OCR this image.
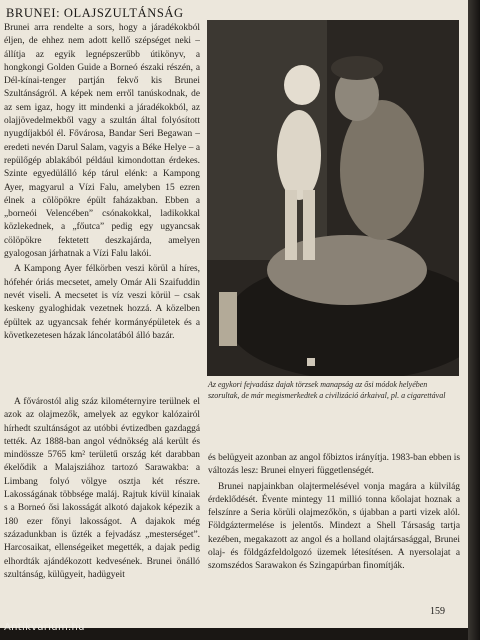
BRUNEI: OLAJSZULTÁNSÁG

Brunei arra rendelte a sors, hogy a járadékokból éljen, de ehhez nem adott kellő szépséget neki – állítja az egyik legnépszerűbb útikönyv, a hongkongi Golden Guide a Borneó északi részén, a Dél-kínai-tenger partján fekvő kis Brunei Szultánságról. A képek nem erről tanúskodnak, de az sem igaz, hogy itt mindenki a járadékokból, az olajjövedelmekből vagy a szultán által folyósított nyugdíjakból él. Fővárosa, Bandar Seri Begawan – eredeti nevén Darul Salam, vagyis a Béke Helye – a repülőgép ablakából például kimondottan érdekes. Szinte egyedülálló kép tárul elénk: a Kampong Ayer, magyarul a Vízi Falu, amelyben 15 ezren élnek a cölöpökre épült faházakban. Ebben a „borneói Velencében” csónakokkal, ladikokkal közlekednek, a „főutca” pedig egy ugyancsak cölöpökre fektetett deszkajárda, amelyen gyalogosan járhatnak a Vízi Falu lakói.

A Kampong Ayer félkörben veszi körül a híres, hófehér óriás mecsetet, amely Omár Ali Szaifuddin nevét viseli. A mecsetet is víz veszi körül – csak keskeny gyaloghidak vezetnek hozzá. A közelben épültek az ugyancsak fehér kormányépületek és a következetesen házak láncolatából álló bazár.

A fővárostól alig száz kilométernyire terülnek el azok az olajmezők, amelyek az egykor kalózairól hírhedt szultánságot az utóbbi évtizedben gazdaggá tették. Az 1888-ban angol védnökség alá került és mindössze 5765 km² területű ország két darabban ékelődik a Malajsziához tartozó Sarawakba: a Limbang folyó völgye osztja két részre. Lakosságának többsége maláj. Rajtuk kívül kínaiak s a Borneó ősi lakosságát alkotó dajakok képezik a 180 ezer főnyi lakosságot. A dajakok még századunkban is űzték a fejvadász „mesterséget”. Harcosaikat, ellenségeiket megették, a dajak pedig elhordták ajándékozott kedvesének. Brunei önálló szultánság, külügyeit, hadügyeit

Az egykori fejvadász dajak törzsek manapság az ősi módok helyében szorultak, de már megismerkedtek a civilizáció árkaival, pl. a cigarettával

és belügyeit azonban az angol főbiztos irányítja. 1983-ban ebben is változás lesz: Brunei elnyeri függetlenségét.

Brunei napjainkban olajtermelésével vonja magára a külvilág érdeklődését. Évente mintegy 11 millió tonna kőolajat hoznak a felszínre a Seria körüli olajmezőkön, s újabban a parti vizek alól. Földgáztermelése is jelentős. Mindezt a Shell Társaság tartja kezében, megakazott az angol és a holland olajtársasággal, Brunei olaj- és földgázfeldolgozó üzemek létesítésen. A nyersolajat a szomszédos Sarawakon és Szingapúrban finomítják.

159
Antikvarium.hu
